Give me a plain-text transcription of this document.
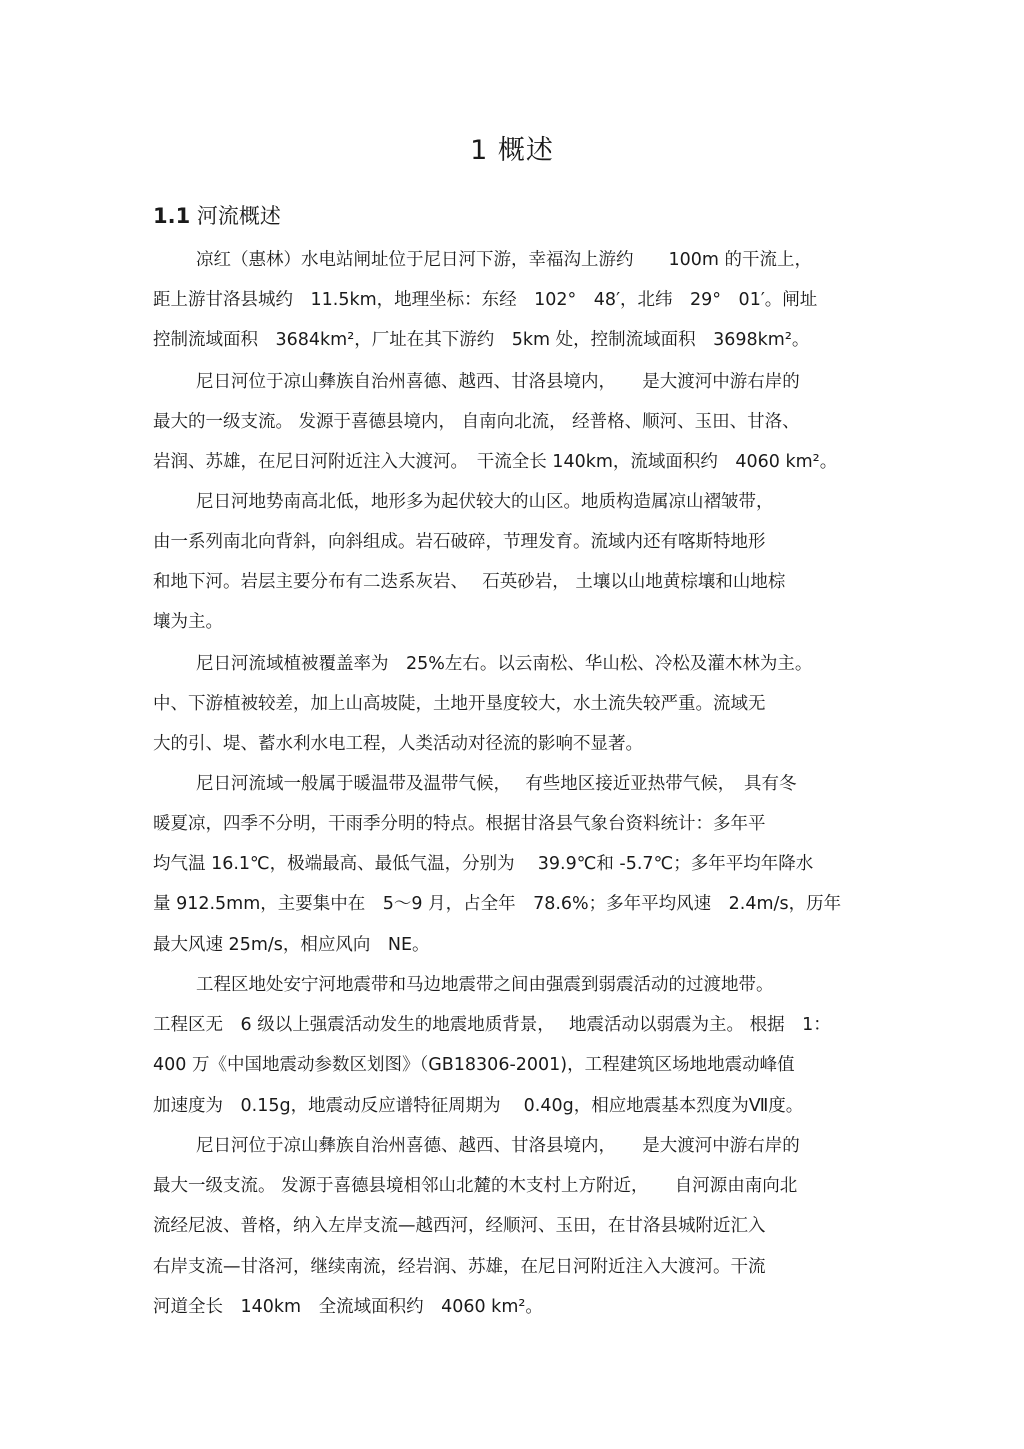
1 概述
1.1 河流概述
凉红（惠林）水电站闸址位于尼日河下游，幸福沟上游约　　100m 的干流上，
距上游甘洛县城约　11.5km，地理坐标：东经　102°　48′，北纬　29°　01′。闸址
控制流域面积　3684km²，厂址在其下游约　5km 处，控制流域面积　3698km²。
尼日河位于凉山彝族自治州喜德、越西、甘洛县境内，　　是大渡河中游右岸的
最大的一级支流。 发源于喜德县境内， 自南向北流， 经普格、顺河、玉田、甘洛、
岩润、苏雄，在尼日河附近注入大渡河。　干流全长 140km，流域面积约　4060 km²。
尼日河地势南高北低，地形多为起伏较大的山区。地质构造属凉山褶皱带，
由一系列南北向背斜，向斜组成。岩石破碎，节理发育。流域内还有喀斯特地形
和地下河。岩层主要分布有二迭系灰岩、　 石英砂岩， 土壤以山地黄棕壤和山地棕
壤为主。
尼日河流域植被覆盖率为　25%左右。以云南松、华山松、冷松及灌木林为主。
中、下游植被较差，加上山高坡陡，土地开垦度较大，水土流失较严重。流域无
大的引、堤、蓄水利水电工程，人类活动对径流的影响不显著。
尼日河流域一般属于暖温带及温带气候，　 有些地区接近亚热带气候，　具有冬
暖夏凉，四季不分明，干雨季分明的特点。根据甘洛县气象台资料统计：多年平
均气温 16.1℃，极端最高、最低气温，分别为　 39.9℃和 -5.7℃；多年平均年降水
量 912.5mm，主要集中在　5～9 月，占全年　78.6%；多年平均风速　2.4m/s，历年
最大风速 25m/s，相应风向　NE。
工程区地处安宁河地震带和马边地震带之间由强震到弱震活动的过渡地带。
工程区无　6 级以上强震活动发生的地震地质背景，　 地震活动以弱震为主。 根据　1：
400 万《中国地震动参数区划图》（GB18306-2001)，工程建筑区场地地震动峰值
加速度为　0.15g，地震动反应谱特征周期为　 0.40g，相应地震基本烈度为Ⅶ度。
尼日河位于凉山彝族自治州喜德、越西、甘洛县境内，　　是大渡河中游右岸的
最大一级支流。 发源于喜德县境相邻山北麓的木支村上方附近，　　自河源由南向北
流经尼波、普格，纳入左岸支流—越西河，经顺河、玉田，在甘洛县城附近汇入
右岸支流—甘洛河，继续南流，经岩润、苏雄，在尼日河附近注入大渡河。干流
河道全长　140km　全流域面积约　4060 km²。
